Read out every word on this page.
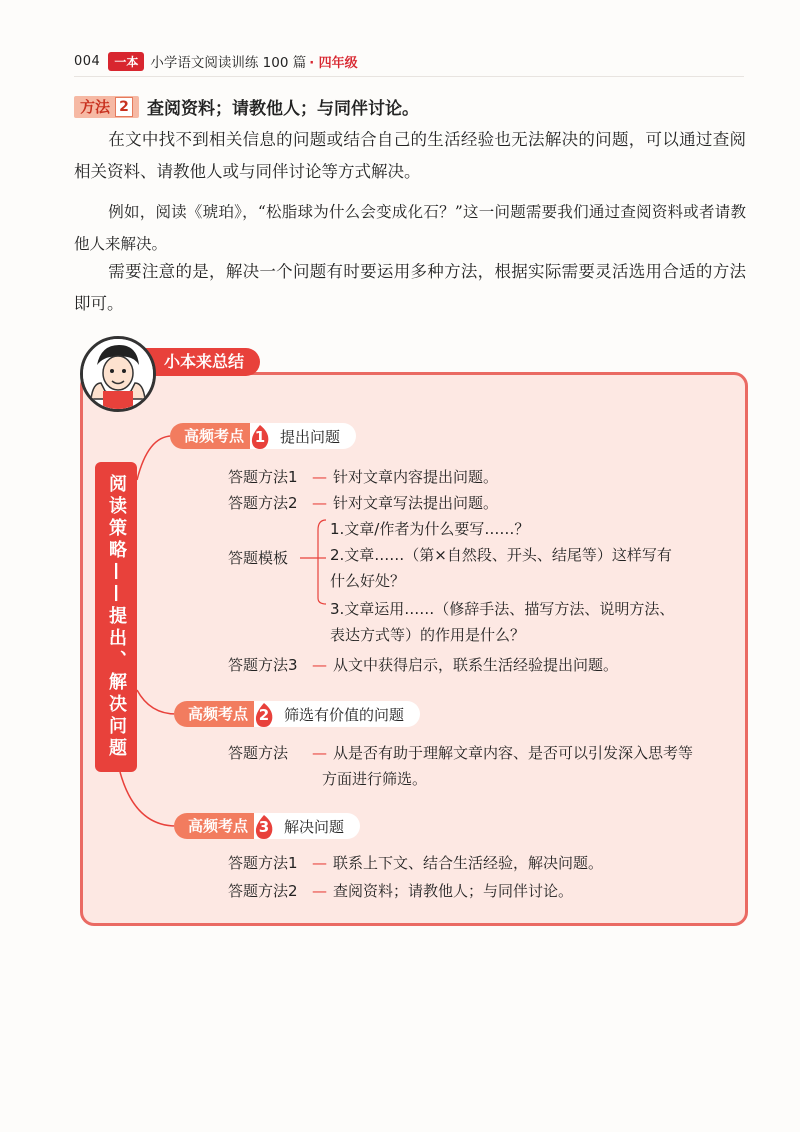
004	一本 小学语文阅读训练 100 篇 · 四年级
方法 2 查阅资料；请教他人；与同伴讨论。
在文中找不到相关信息的问题或结合自己的生活经验也无法解决的问题，可以通过查阅相关资料、请教他人或与同伴讨论等方式解决。
例如，阅读《琥珀》，“松脂球为什么会变成化石？”这一问题需要我们通过查阅资料或者请教他人来解决。
需要注意的是，解决一个问题有时要运用多种方法，根据实际需要灵活选用合适的方法即可。
小本来总结
阅读策略——提出、解决问题
高频考点 1 提出问题
答题方法1 — 针对文章内容提出问题。
答题方法2 — 针对文章写法提出问题。
答题模板
1.文章/作者为什么要写……？
2.文章……（第×自然段、开头、结尾等）这样写有
什么好处？
3.文章运用……（修辞手法、描写方法、说明方法、
表达方式等）的作用是什么？
答题方法3 — 从文中获得启示，联系生活经验提出问题。
高频考点 2 筛选有价值的问题
答题方法 — 从是否有助于理解文章内容、是否可以引发深入思考等
方面进行筛选。
高频考点 3 解决问题
答题方法1 — 联系上下文、结合生活经验，解决问题。
答题方法2 — 查阅资料；请教他人；与同伴讨论。
